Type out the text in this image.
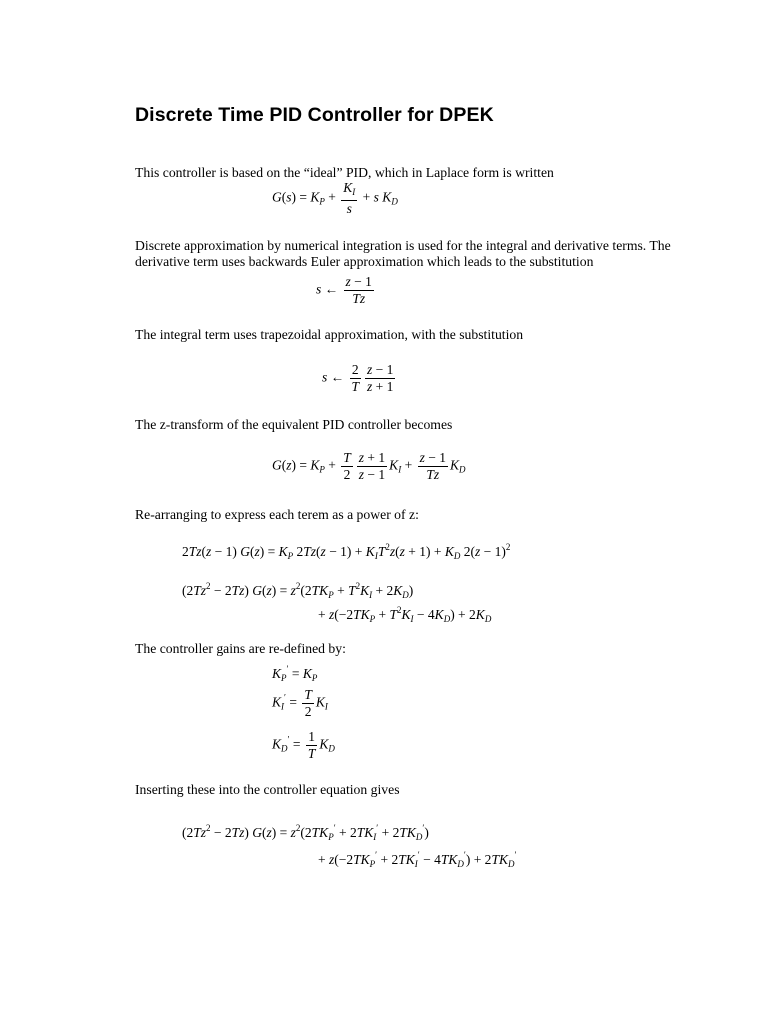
Discrete Time PID Controller for DPEK

This controller is based on the “ideal” PID, which in Laplace form is written

$G(s) = K_P + \frac{K_I}{s} + s$ $K_D$

Discrete approximation by numerical integration is used for the integral and derivative terms. The derivative term uses backwards Euler approximation which leads to the substitution

s ← $\frac{z - 1}{Tz}$

The integral term uses trapezoidal approximation, with the substitution

s ← $\frac{2}{T} \frac{z - 1}{z + 1}$

The z-transform of the equivalent PID controller becomes

$G(z) = K_P + \frac{T}{2} \frac{z + 1}{z - 1} K_I + \frac{z - 1}{Tz} K_D$

Re-arranging to express each terem as a power of z:

2Tz(z − 1) $G(z) = K_P$ $2Tz(z - 1) + K_IT^2z(z + 1) + K_D$ $2(z - 1)^2$
$(2Tz^2 - 2Tz) G(z) = z^2(2TK_P + T^2K_I + 2K_D)$
+ $z(-2TK_P + T^2K_I - 4K_D) + 2K_D$

The controller gains are re-defined by:

$K_P' = K_P$
$K_I' = \frac{T}{2} K_I$
$K_D' = \frac{1}{T} K_D$

Inserting these into the controller equation gives

$(2Tz^2 - 2Tz) G(z) = z^2(2TK_P' + 2TK_I' + 2TK_D')$
+ $z(-2TK_P' + 2TK_I' - 4TK_D') + 2TK_D'$
